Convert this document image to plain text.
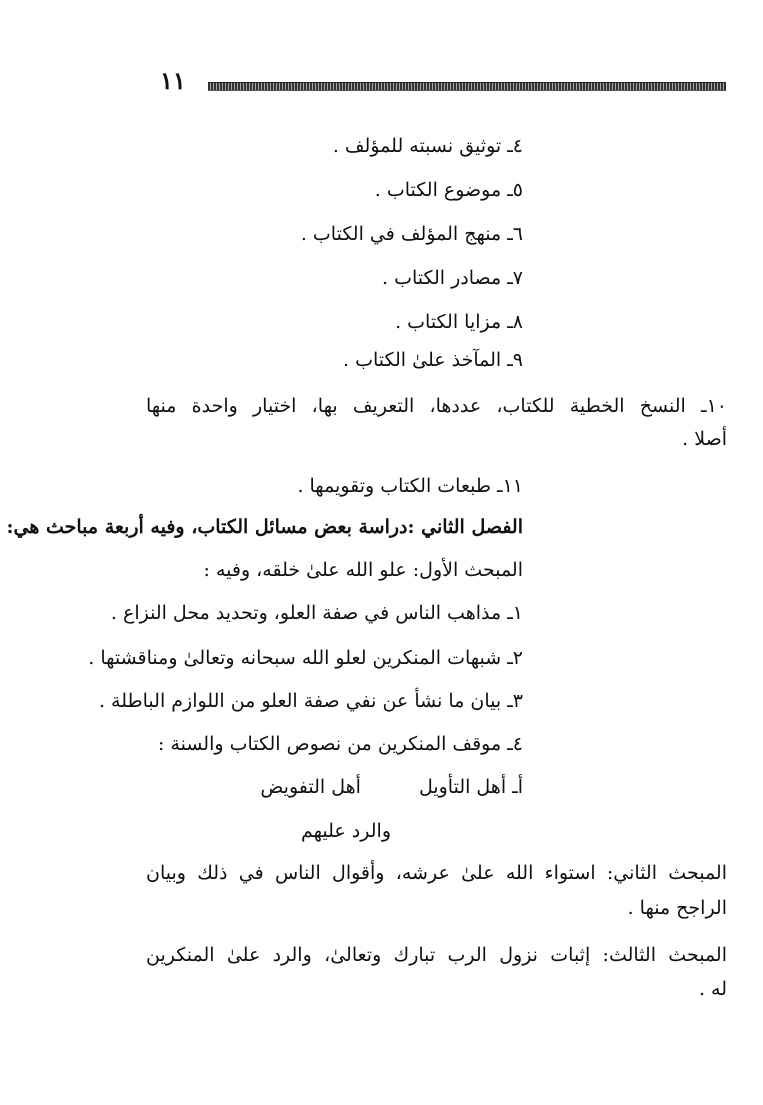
١١
٤ـ توثيق نسبته للمؤلف .
٥ـ موضوع الكتاب .
٦ـ منهج المؤلف في الكتاب .
٧ـ مصادر الكتاب .
٨ـ مزايا الكتاب .
٩ـ المآخذ علىٰ الكتاب .
١٠ـ النسخ الخطية للكتاب، عددها، التعريف بها، اختيار واحدة منها
أصلا .
١١ـ طبعات الكتاب وتقويمها .
الفصل الثاني :دراسة بعض مسائل الكتاب، وفيه أربعة مباحث هي:
المبحث الأول: علو الله علىٰ خلقه، وفيه :
١ـ مذاهب الناس في صفة العلو، وتحديد محل النزاع .
٢ـ شبهات المنكرين لعلو الله سبحانه وتعالىٰ ومناقشتها .
٣ـ بيان ما نشأ عن نفي صفة العلو من اللوازم الباطلة .
٤ـ موقف المنكرين من نصوص الكتاب والسنة :
أـ أهل التأويلأهل التفويض
والرد عليهم
المبحث الثاني: استواء الله علىٰ عرشه، وأقوال الناس في ذلك وبيان
الراجح منها .
المبحث الثالث: إثبات نزول الرب تبارك وتعالىٰ، والرد علىٰ المنكرين
له .
